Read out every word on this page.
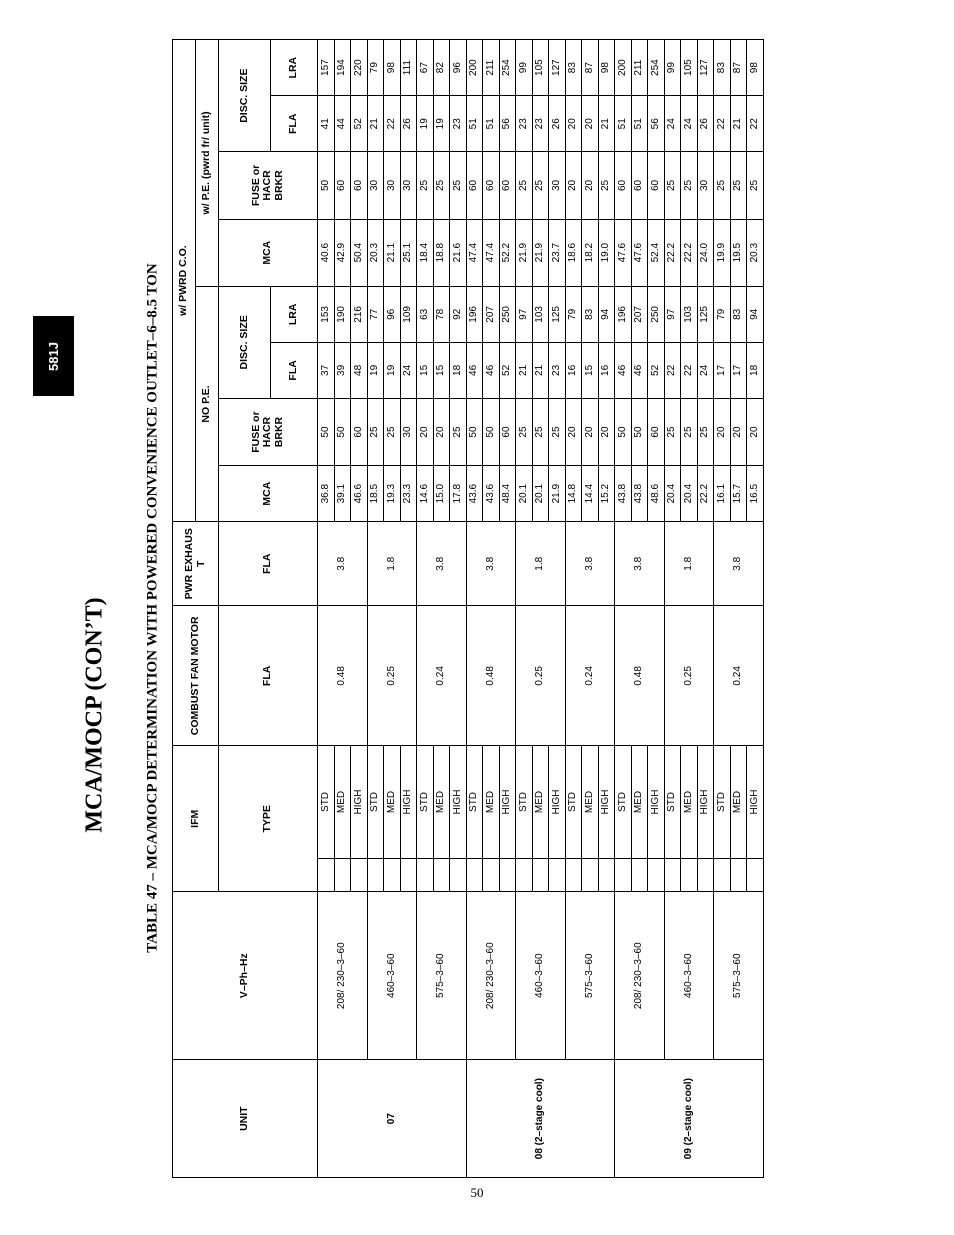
581J
MCA/MOCP (CON’T) TABLE 47 – MCA/MOCP DETERMINATION WITH POWERED CONVENIENCE OUTLET–6–8.5 TON
UNIT	V–Ph–Hz	IFM		COMBUST FAN MOTOR	PWR EXHAUS T	w/ PWRD C.O.								
						NO P.E.				w/ P.E. (pwrd fr/ unit)				
		TYPE		FLA	FLA	MCA	FUSE or HACR BRKR	DISC. SIZE		MCA	FUSE or HACR BRKR	DISC. SIZE		
								FLA	LRA			FLA	LRA	
07	208/ 230–3–60		STD	0.48	3.8	36.8	50	37	153	40.6	50	41	157	
			MED			39.1	50	39	190	42.9	60	44	194	
			HIGH			46.6	60	48	216	50.4	60	52	220	
	460–3–60		STD	0.25	1.8	18.5	25	19	77	20.3	30	21	79	
			MED			19.3	25	19	96	21.1	30	22	98	
			HIGH			23.3	30	24	109	25.1	30	26	111	
	575–3–60		STD	0.24	3.8	14.6	20	15	63	18.4	25	19	67	
			MED			15.0	20	15	78	18.8	25	19	82	
			HIGH			17.8	25	18	92	21.6	25	23	96	
08 (2–stage cool)	208/ 230–3–60		STD	0.48	3.8	43.6	50	46	196	47.4	60	51	200	
			MED			43.6	50	46	207	47.4	60	51	211	
			HIGH			48.4	60	52	250	52.2	60	56	254	
	460–3–60		STD	0.25	1.8	20.1	25	21	97	21.9	25	23	99	
			MED			20.1	25	21	103	21.9	25	23	105	
			HIGH			21.9	25	23	125	23.7	30	26	127	
	575–3–60		STD	0.24	3.8	14.8	20	16	79	18.6	20	20	83	
			MED			14.4	20	15	83	18.2	20	20	87	
			HIGH			15.2	20	16	94	19.0	25	21	98	
09 (2–stage cool)	208/ 230–3–60		STD	0.48	3.8	43.8	50	46	196	47.6	60	51	200	
			MED			43.8	50	46	207	47.6	60	51	211	
			HIGH			48.6	60	52	250	52.4	60	56	254	
	460–3–60		STD	0.25	1.8	20.4	25	22	97	22.2	25	24	99	
			MED			20.4	25	22	103	22.2	25	24	105	
			HIGH			22.2	25	24	125	24.0	30	26	127	
	575–3–60		STD	0.24	3.8	16.1	20	17	79	19.9	25	22	83	
			MED			15.7	20	17	83	19.5	25	21	87	
			HIGH			16.5	20	18	94	20.3	25	22	98	
50
